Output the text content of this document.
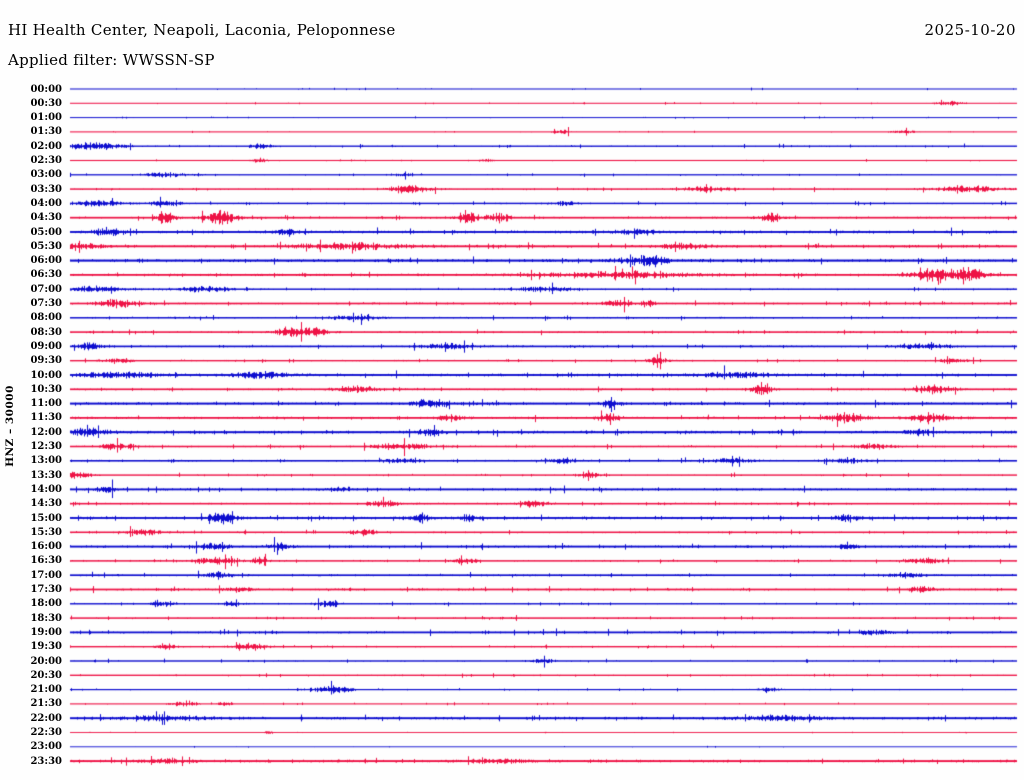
00:00
00:30
01:00
01:30
02:00
02:30
03:00
03:30
04:00
04:30
05:00
05:30
06:00
06:30
07:00
07:30
08:00
08:30
09:00
09:30
10:00
10:30
11:00
11:30
12:00
12:30
13:00
13:30
14:00
14:30
15:00
15:30
16:00
16:30
17:00
17:30
18:00
18:30
19:00
19:30
20:00
20:30
21:00
21:30
22:00
22:30
23:00
23:30
HNZ – 30000
